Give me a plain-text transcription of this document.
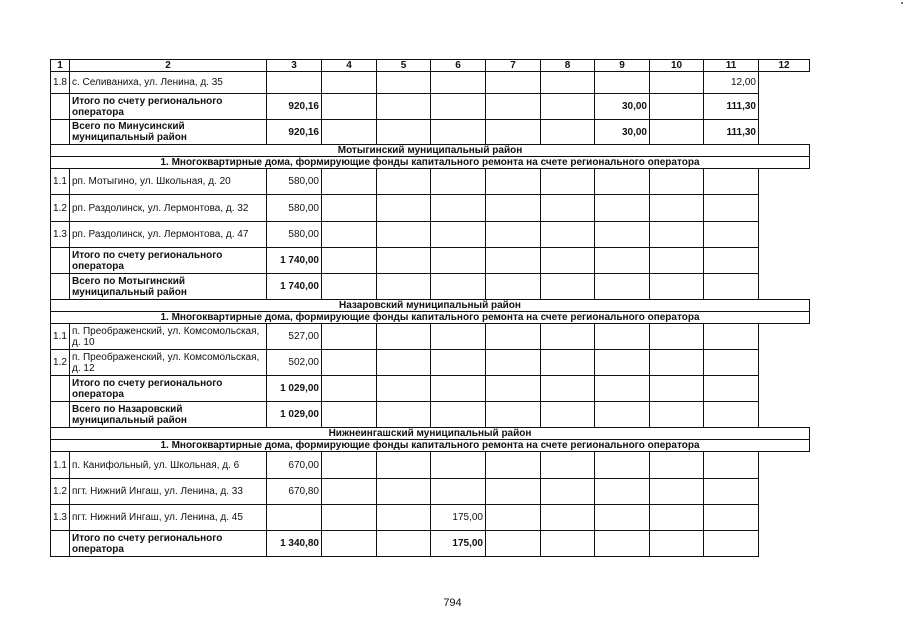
1	2	3	4	5	6	7	8	9	10	11	12
1.8	с. Селиваниха, ул. Ленина, д. 35									12,00	
	Итого по счету регионального оператора	920,16						30,00		111,30	
	Всего по Минусинский муниципальный район	920,16						30,00		111,30	
Мотыгинский муниципальный район											
1. Многоквартирные дома, формирующие фонды капитального ремонта на счете регионального оператора											
1.1	рп. Мотыгино, ул. Школьная, д. 20	580,00									
1.2	рп. Раздолинск, ул. Лермонтова, д. 32	580,00									
1.3	рп. Раздолинск, ул. Лермонтова, д. 47	580,00									
	Итого по счету регионального оператора	1 740,00									
	Всего по Мотыгинский муниципальный район	1 740,00									
Назаровский муниципальный район											
1. Многоквартирные дома, формирующие фонды капитального ремонта на счете регионального оператора											
1.1	п. Преображенский, ул. Комсомольская, д. 10	527,00									
1.2	п. Преображенский, ул. Комсомольская, д. 12	502,00									
	Итого по счету регионального оператора	1 029,00									
	Всего по Назаровский муниципальный район	1 029,00									
Нижнеингашский муниципальный район											
1. Многоквартирные дома, формирующие фонды капитального ремонта на счете регионального оператора											
1.1	п. Канифольный, ул. Школьная, д. 6	670,00									
1.2	пгт. Нижний Ингаш, ул. Ленина, д. 33	670,80									
1.3	пгт. Нижний Ингаш, ул. Ленина, д. 45				175,00						
	Итого по счету регионального оператора	1 340,80			175,00						
794
